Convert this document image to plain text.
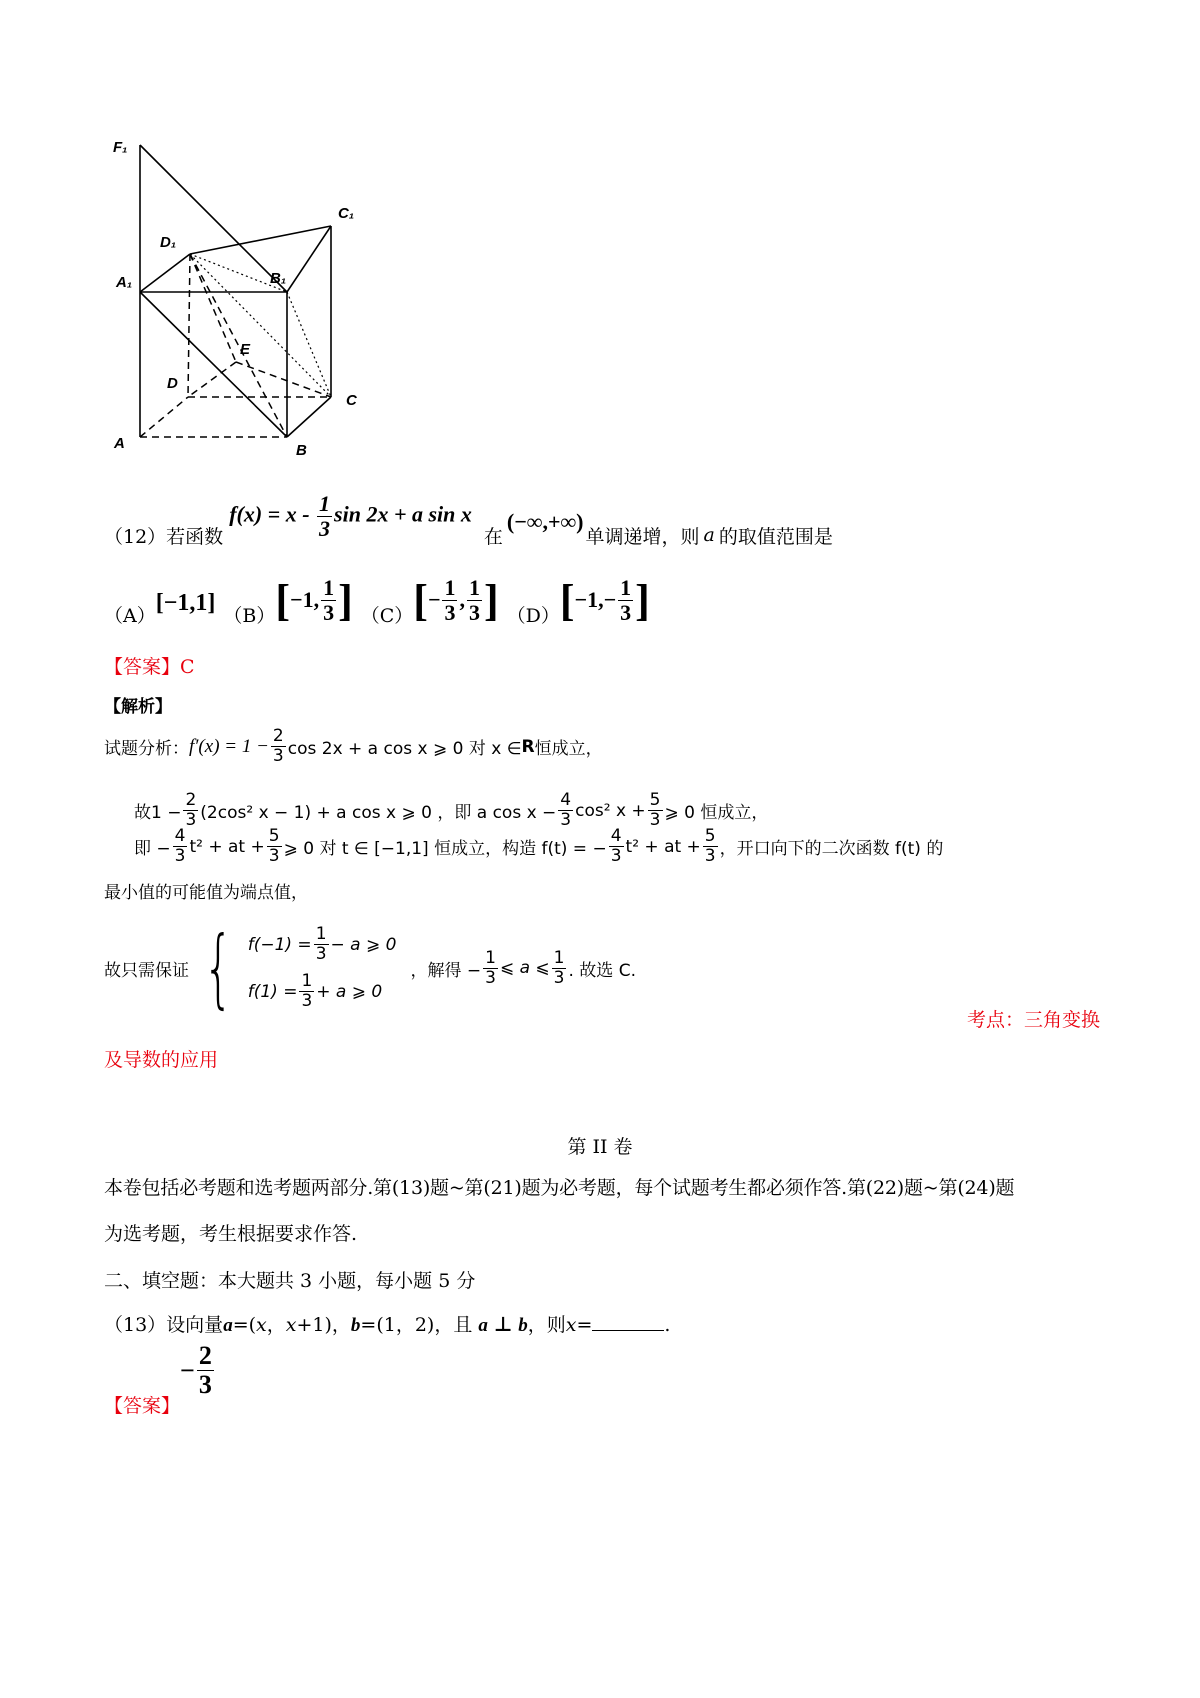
F₁
A₁
D₁
B₁
C₁
E
D
C
A	B
（12）若函数
$f(x) = x - \frac{1}{3}$ sin 2x + a sin x
在
(−∞,+∞)
单调递增，则 a 的取值范围是
（A） [−1,1] （B） [ −1, $\frac{1}{3}$ ] （C） [ − $\frac{1}{3}$ , $\frac{1}{3}$ ] （D） [ $-1,- \frac{1}{3}$ ]
【答案】C
【解析】
试题分析： $f'(x) = 1 - \frac{2}{3}$ cos 2x + a cos x ⩾ 0 对 x ∈ R 恒成立，
故$1 - \frac{2}{3} (2\cos^2$ x − 1) + a cos x ⩾ 0 ，即 a $\cos x - \frac{4}{3} \cos^2$ $x + \frac{5}{3}$ ⩾ 0 恒成立，
即 − $\frac{4}{3} t^2$ + at + $\frac{5}{3}$ ⩾ 0 对 t ∈ [−1,1] 恒成立，构造 f(t) = − $\frac{4}{3} t^2$ + at + $\frac{5}{3}$ ，开口向下的二次函数 f(t) 的
最小值的可能值为端点值，
故只需保证 { $f(-1) = \frac{1}{3} - a$ ⩾ 0
$f(1) = \frac{1}{3} + a$ ⩾ 0
，解得 − $\frac{1}{3}$ ⩽ a ⩽ $\frac{1}{3}$ . 故选 C.
考点：三角变换
及导数的应用
第 II 卷
本卷包括必考题和选考题两部分.第(13)题~第(21)题为必考题，每个试题考生都必须作答.第(22)题~第(24)题
为选考题，考生根据要求作答.
二、填空题：本大题共 3 小题，每小题 5 分
（13）设向量a=(x，x+1)，b=(1，2)，且 a ⊥ b，则x=	.
【答案】
− $\frac{2}{3}$
